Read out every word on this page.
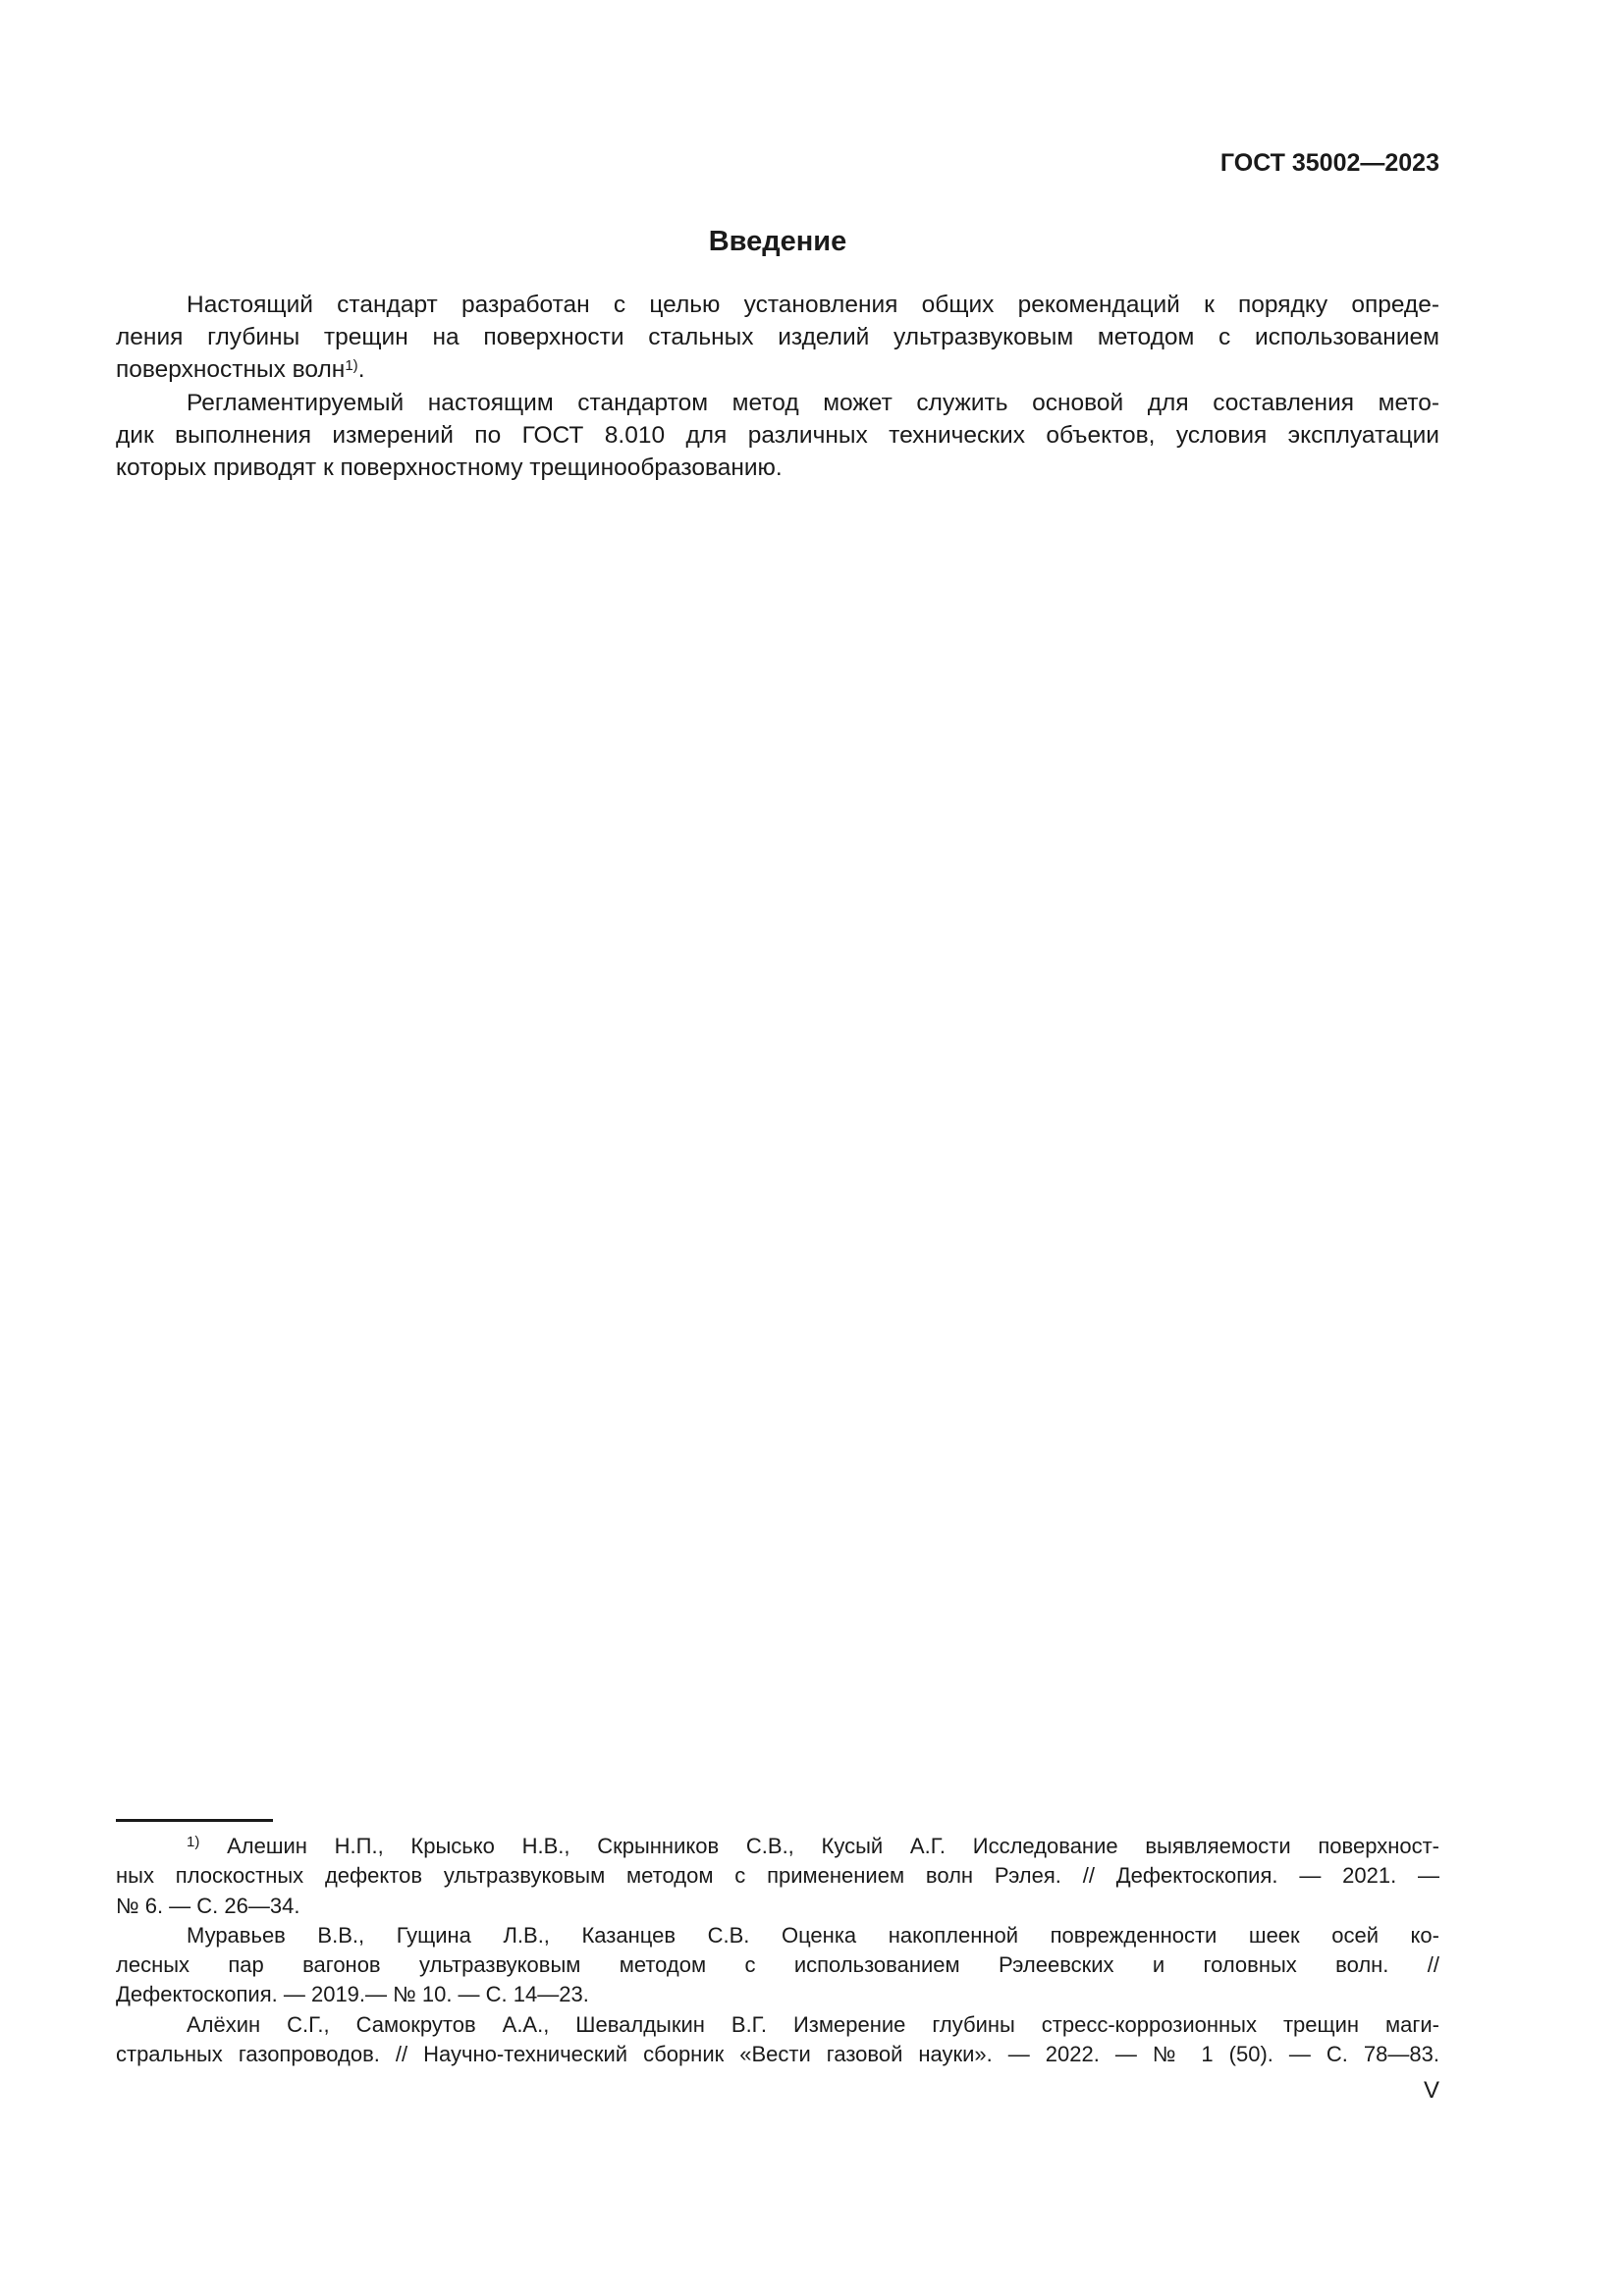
ГОСТ 35002—2023
Введение
Настоящий стандарт разработан с целью установления общих рекомендаций к порядку опреде-
ления глубины трещин на поверхности стальных изделий ультразвуковым методом с использованием
поверхностных волн$^{1)}$.
Регламентируемый настоящим стандартом метод может служить основой для составления мето-
дик выполнения измерений по ГОСТ 8.010 для различных технических объектов, условия эксплуатации
которых приводят к поверхностному трещинообразованию.
$^{1)}$ Алешин Н.П., Крысько Н.В., Скрынников С.В., Кусый А.Г. Исследование выявляемости поверхност-
ных плоскостных дефектов ультразвуковым методом с применением волн Рэлея. // Дефектоскопия. — 2021. —
№ 6. — С. 26—34.
Муравьев В.В., Гущина Л.В., Казанцев С.В. Оценка накопленной поврежденности шеек осей ко-
лесных пар вагонов ультразвуковым методом с использованием Рэлеевских и головных волн. //
Дефектоскопия. — 2019.— № 10. — С. 14—23.
Алёхин С.Г., Самокрутов А.А., Шевалдыкин В.Г. Измерение глубины стресс-коррозионных трещин маги-
стральных газопроводов. // Научно-технический сборник «Вести газовой науки». — 2022. — № 1 (50). — С. 78—83.
V
